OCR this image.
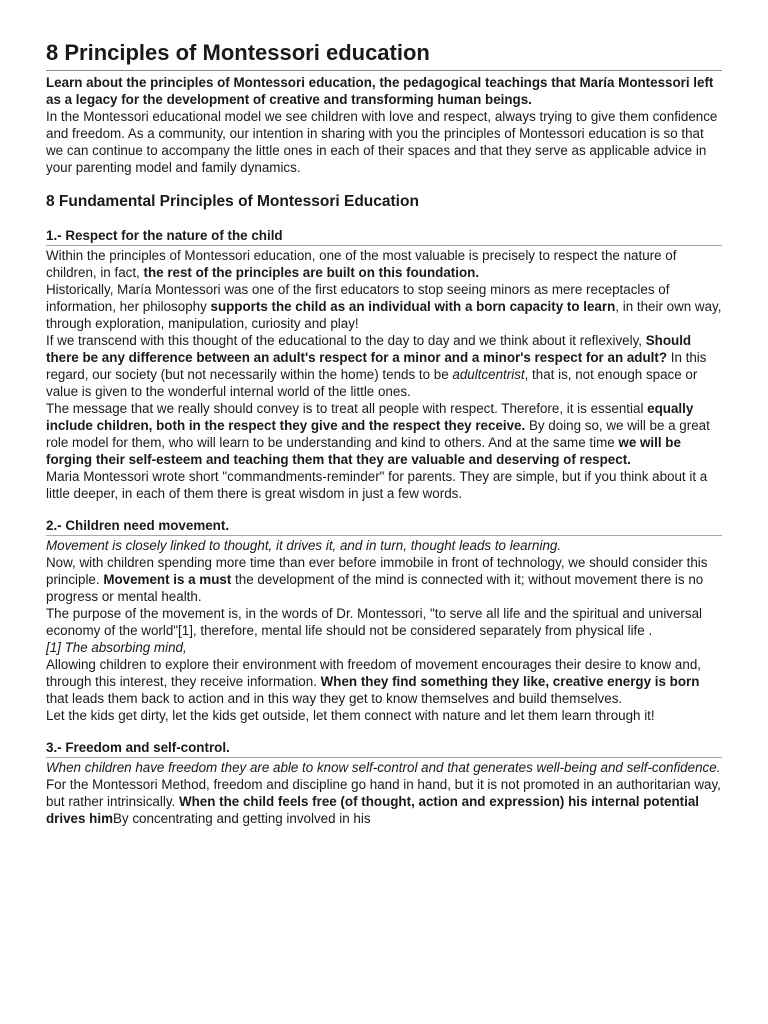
8 Principles of Montessori education

Learn about the principles of Montessori education, the pedagogical teachings that María Montessori left as a legacy for the development of creative and transforming human beings.

In the Montessori educational model we see children with love and respect, always trying to give them confidence and freedom. As a community, our intention in sharing with you the principles of Montessori education is so that we can continue to accompany the little ones in each of their spaces and that they serve as applicable advice in your parenting model and family dynamics.

8 Fundamental Principles of Montessori Education
1.- Respect for the nature of the child

Within the principles of Montessori education, one of the most valuable is precisely to respect the nature of children, in fact, the rest of the principles are built on this foundation.

Historically, María Montessori was one of the first educators to stop seeing minors as mere receptacles of information, her philosophy supports the child as an individual with a born capacity to learn, in their own way, through exploration, manipulation, curiosity and play!

If we transcend with this thought of the educational to the day to day and we think about it reflexively, Should there be any difference between an adult's respect for a minor and a minor's respect for an adult? In this regard, our society (but not necessarily within the home) tends to be adultcentrist, that is, not enough space or value is given to the wonderful internal world of the little ones.

The message that we really should convey is to treat all people with respect. Therefore, it is essential equally include children, both in the respect they give and the respect they receive. By doing so, we will be a great role model for them, who will learn to be understanding and kind to others. And at the same time we will be forging their self-esteem and teaching them that they are valuable and deserving of respect.

Maria Montessori wrote short "commandments-reminder" for parents. They are simple, but if you think about it a little deeper, in each of them there is great wisdom in just a few words.

2.- Children need movement.

Movement is closely linked to thought, it drives it, and in turn, thought leads to learning.

Now, with children spending more time than ever before immobile in front of technology, we should consider this principle. Movement is a must the development of the mind is connected with it; without movement there is no progress or mental health.

The purpose of the movement is, in the words of Dr. Montessori, "to serve all life and the spiritual and universal economy of the world"[1], therefore, mental life should not be considered separately from physical life .

[1] The absorbing mind,

Allowing children to explore their environment with freedom of movement encourages their desire to know and, through this interest, they receive information. When they find something they like, creative energy is born that leads them back to action and in this way they get to know themselves and build themselves.

Let the kids get dirty, let the kids get outside, let them connect with nature and let them learn through it!

3.- Freedom and self-control.

When children have freedom they are able to know self-control and that generates well-being and self-confidence.

For the Montessori Method, freedom and discipline go hand in hand, but it is not promoted in an authoritarian way, but rather intrinsically. When the child feels free (of thought, action and expression) his internal potential drives himBy concentrating and getting involved in his
